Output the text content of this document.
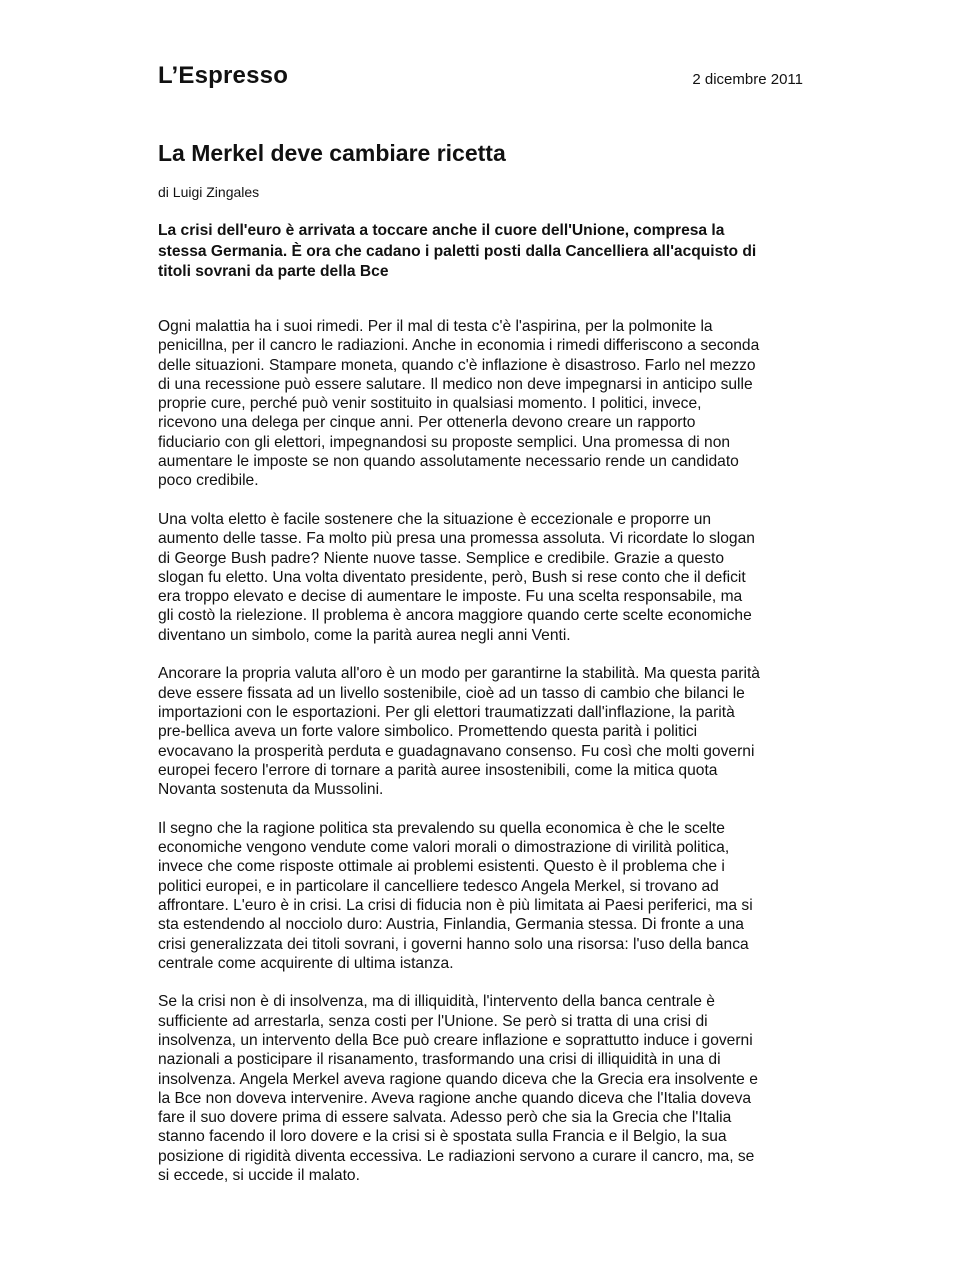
L’Espresso	2 dicembre 2011
La Merkel deve cambiare ricetta
di Luigi Zingales

La crisi dell'euro è arrivata a toccare anche il cuore dell'Unione, compresa la
stessa Germania. È ora che cadano i paletti posti dalla Cancelliera all'acquisto di
titoli sovrani da parte della Bce

Ogni malattia ha i suoi rimedi. Per il mal di testa c'è l'aspirina, per la polmonite la
penicillna, per il cancro le radiazioni. Anche in economia i rimedi differiscono a seconda
delle situazioni. Stampare moneta, quando c'è inflazione è disastroso. Farlo nel mezzo
di una recessione può essere salutare. Il medico non deve impegnarsi in anticipo sulle
proprie cure, perché può venir sostituito in qualsiasi momento. I politici, invece,
ricevono una delega per cinque anni. Per ottenerla devono creare un rapporto
fiduciario con gli elettori, impegnandosi su proposte semplici. Una promessa di non
aumentare le imposte se non quando assolutamente necessario rende un candidato
poco credibile.

Una volta eletto è facile sostenere che la situazione è eccezionale e proporre un
aumento delle tasse. Fa molto più presa una promessa assoluta. Vi ricordate lo slogan
di George Bush padre? Niente nuove tasse. Semplice e credibile. Grazie a questo
slogan fu eletto. Una volta diventato presidente, però, Bush si rese conto che il deficit
era troppo elevato e decise di aumentare le imposte. Fu una scelta responsabile, ma
gli costò la rielezione. Il problema è ancora maggiore quando certe scelte economiche
diventano un simbolo, come la parità aurea negli anni Venti.

Ancorare la propria valuta all'oro è un modo per garantirne la stabilità. Ma questa parità
deve essere fissata ad un livello sostenibile, cioè ad un tasso di cambio che bilanci le
importazioni con le esportazioni. Per gli elettori traumatizzati dall'inflazione, la parità
pre-bellica aveva un forte valore simbolico. Promettendo questa parità i politici
evocavano la prosperità perduta e guadagnavano consenso. Fu così che molti governi
europei fecero l'errore di tornare a parità auree insostenibili, come la mitica quota
Novanta sostenuta da Mussolini.

Il segno che la ragione politica sta prevalendo su quella economica è che le scelte
economiche vengono vendute come valori morali o dimostrazione di virilità politica,
invece che come risposte ottimale ai problemi esistenti. Questo è il problema che i
politici europei, e in particolare il cancelliere tedesco Angela Merkel, si trovano ad
affrontare. L'euro è in crisi. La crisi di fiducia non è più limitata ai Paesi periferici, ma si
sta estendendo al nocciolo duro: Austria, Finlandia, Germania stessa. Di fronte a una
crisi generalizzata dei titoli sovrani, i governi hanno solo una risorsa: l'uso della banca
centrale come acquirente di ultima istanza.

Se la crisi non è di insolvenza, ma di illiquidità, l'intervento della banca centrale è
sufficiente ad arrestarla, senza costi per l'Unione. Se però si tratta di una crisi di
insolvenza, un intervento della Bce può creare inflazione e soprattutto induce i governi
nazionali a posticipare il risanamento, trasformando una crisi di illiquidità in una di
insolvenza. Angela Merkel aveva ragione quando diceva che la Grecia era insolvente e
la Bce non doveva intervenire. Aveva ragione anche quando diceva che l'Italia doveva
fare il suo dovere prima di essere salvata. Adesso però che sia la Grecia che l'Italia
stanno facendo il loro dovere e la crisi si è spostata sulla Francia e il Belgio, la sua
posizione di rigidità diventa eccessiva. Le radiazioni servono a curare il cancro, ma, se
si eccede, si uccide il malato.
